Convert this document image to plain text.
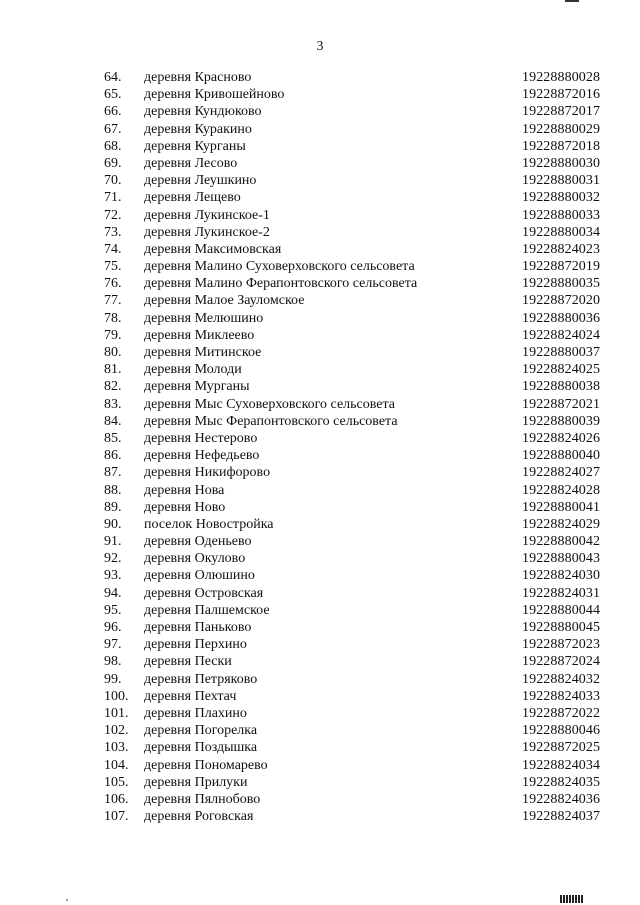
3
64. деревня Красново	19228880028
65. деревня Кривошейново	19228872016
66. деревня Кундюково	19228872017
67. деревня Куракино	19228880029
68. деревня Курганы	19228872018
69. деревня Лесово	19228880030
70. деревня Леушкино	19228880031
71. деревня Лещево	19228880032
72. деревня Лукинское-1	19228880033
73. деревня Лукинское-2	19228880034
74. деревня Максимовская	19228824023
75. деревня Малино Суховерховского сельсовета	19228872019
76. деревня Малино Ферапонтовского сельсовета	19228880035
77. деревня Малое Зауломское	19228872020
78. деревня Мелюшино	19228880036
79. деревня Миклеево	19228824024
80. деревня Митинское	19228880037
81. деревня Молоди	19228824025
82. деревня Мурганы	19228880038
83. деревня Мыс Суховерховского сельсовета	19228872021
84. деревня Мыс Ферапонтовского сельсовета	19228880039
85. деревня Нестерово	19228824026
86. деревня Нефедьево	19228880040
87. деревня Никифорово	19228824027
88. деревня Нова	19228824028
89. деревня Ново	19228880041
90. поселок Новостройка	19228824029
91. деревня Оденьево	19228880042
92. деревня Окулово	19228880043
93. деревня Олюшино	19228824030
94. деревня Островская	19228824031
95. деревня Палшемское	19228880044
96. деревня Паньково	19228880045
97. деревня Перхино	19228872023
98. деревня Пески	19228872024
99. деревня Петряково	19228824032
100. деревня Пехтач	19228824033
101. деревня Плахино	19228872022
102. деревня Погорелка	19228880046
103. деревня Поздышка	19228872025
104. деревня Пономарево	19228824034
105. деревня Прилуки	19228824035
106. деревня Пялнобово	19228824036
107. деревня Роговская	19228824037
